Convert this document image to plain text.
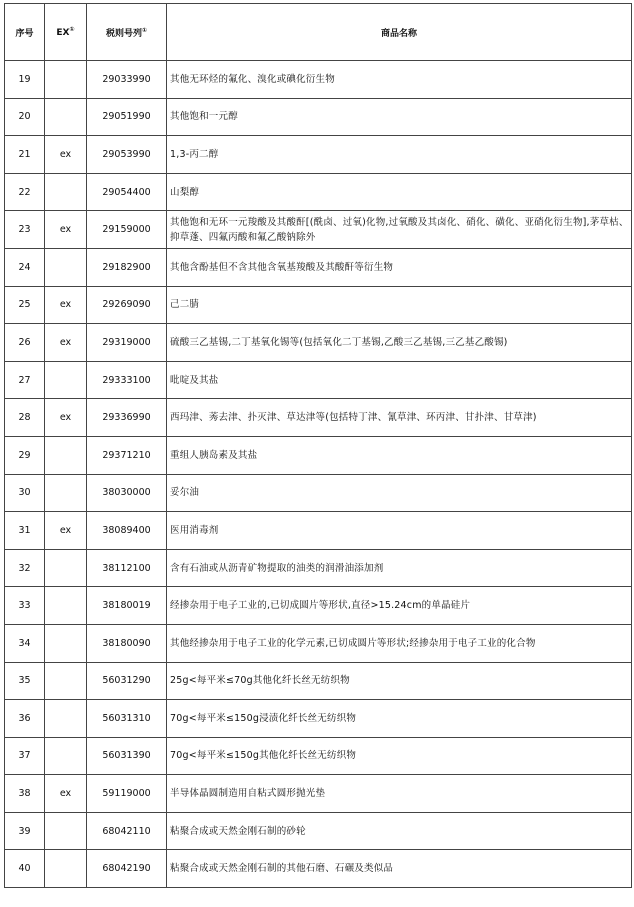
序号	EX①	税则号列①	商品名称
19		29033990	其他无环烃的氟化、溴化或碘化衍生物
20		29051990	其他饱和一元醇
21	ex	29053990	1,3-丙二醇
22		29054400	山梨醇
23	ex	29159000	其他饱和无环一元羧酸及其酸酐[(酰卤、过氧)化物,过氧酸及其卤化、硝化、磺化、亚硝化衍生物],茅草枯、抑草蓬、四氟丙酸和氟乙酸钠除外
24		29182900	其他含酚基但不含其他含氧基羧酸及其酸酐等衍生物
25	ex	29269090	己二腈
26	ex	29319000	硫酸三乙基锡,二丁基氧化锡等(包括氧化二丁基锡,乙酸三乙基锡,三乙基乙酸锡)
27		29333100	吡啶及其盐
28	ex	29336990	西玛津、莠去津、扑灭津、草达津等(包括特丁津、氰草津、环丙津、甘扑津、甘草津)
29		29371210	重组人胰岛素及其盐
30		38030000	妥尔油
31	ex	38089400	医用消毒剂
32		38112100	含有石油或从沥青矿物提取的油类的润滑油添加剂
33		38180019	经掺杂用于电子工业的,已切成圆片等形状,直径>15.24cm的单晶硅片
34		38180090	其他经掺杂用于电子工业的化学元素,已切成圆片等形状;经掺杂用于电子工业的化合物
35		56031290	25g<每平米≤70g其他化纤长丝无纺织物
36		56031310	70g<每平米≤150g浸渍化纤长丝无纺织物
37		56031390	70g<每平米≤150g其他化纤长丝无纺织物
38	ex	59119000	半导体晶圆制造用自粘式圆形抛光垫
39		68042110	粘聚合成或天然金刚石制的砂轮
40		68042190	粘聚合成或天然金刚石制的其他石磨、石碾及类似品
